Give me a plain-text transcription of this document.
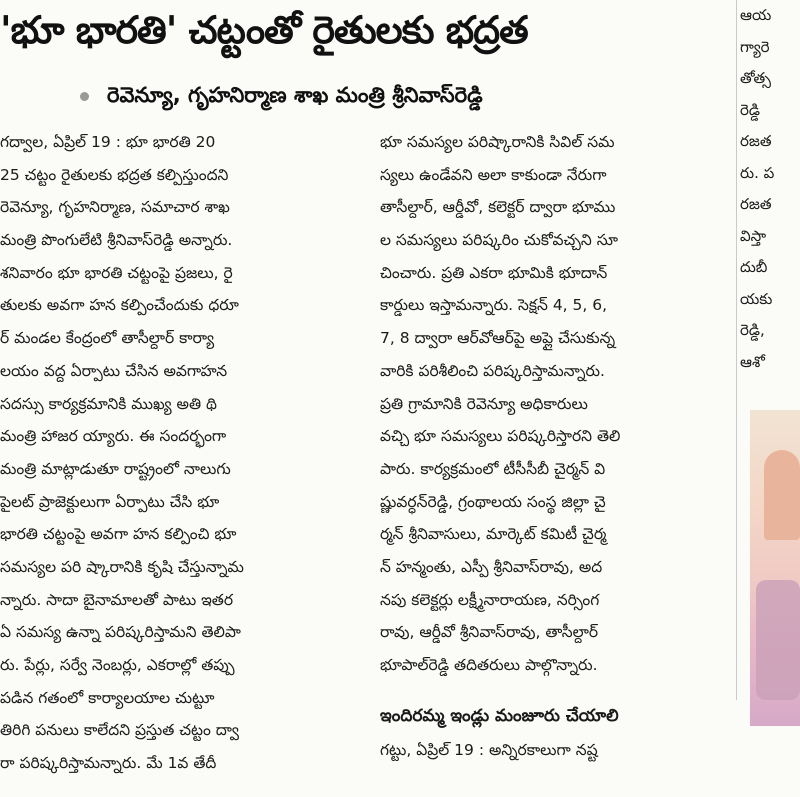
'భూ భారతి' చట్టంతో రైతులకు భద్రత
రెవెన్యూ, గృహనిర్మాణ శాఖ మంత్రి శ్రీనివాస్‌రెడ్డి
గద్వాల, ఏప్రిల్ 19 : భూ భారతి 20
25 చట్టం రైతులకు భద్రత కల్పిస్తుందని
రెవెన్యూ, గృహనిర్మాణ, సమాచార శాఖ
మంత్రి పొంగులేటి శ్రీనివాస్‌రెడ్డి అన్నారు.
శనివారం భూ భారతి చట్టంపై ప్రజలు, రై
తులకు అవగా హన కల్పించేందుకు ధరూ
ర్ మండల కేంద్రంలో తాసీల్దార్ కార్యా
లయం వద్ద ఏర్పాటు చేసిన అవగాహన
సదస్సు కార్యక్రమానికి ముఖ్య అతి థి
మంత్రి హాజర య్యారు. ఈ సందర్భంగా
మంత్రి మాట్లాడుతూ రాష్ట్రంలో నాలుగు
పైలట్ ప్రాజెక్టులుగా ఏర్పాటు చేసి భూ
భారతి చట్టంపై అవగా హన కల్పించి భూ
సమస్యల పరి ష్కారానికి కృషి చేస్తున్నామ
న్నారు. సాదా బైనామాలతో పాటు ఇతర
ఏ సమస్య ఉన్నా పరిష్కరిస్తామని తెలిపా
రు. పేర్లు, సర్వే నెంబర్లు, ఎకరాల్లో తప్పు
పడిన గతంలో కార్యాలయాల చుట్టూ
తిరిగి పనులు కాలేదని ప్రస్తుత చట్టం ద్వా
రా పరిష్కరిస్తామన్నారు. మే 1వ తేదీ
భూ సమస్యల పరిష్కారానికి సివిల్ సమ
స్యలు ఉండేవని అలా కాకుండా నేరుగా
తాసీల్దార్, ఆర్డీవో, కలెక్టర్ ద్వారా భూము
ల సమస్యలు పరిష్కరిం చుకోవచ్చని సూ
చించారు. ప్రతి ఎకరా భూమికి భూదాన్
కార్డులు ఇస్తామన్నారు. సెక్షన్ 4, 5, 6,
7, 8 ద్వారా ఆర్‌వోఆర్‌పై అప్లై చేసుకున్న
వారికి పరిశీలించి పరిష్కరిస్తామన్నారు.
ప్రతి గ్రామానికి రెవెన్యూ అధికారులు
వచ్చి భూ సమస్యలు పరిష్కరిస్తారని తెలి
పారు. కార్యక్రమంలో టీసీసీబీ చైర్మన్ వి
ష్ణువర్ధన్‌రెడ్డి, గ్రంథాలయ సంస్థ జిల్లా చై
ర్మన్ శ్రీనివాసులు, మార్కెట్ కమిటీ చైర్మ
న్ హన్మంతు, ఎస్పీ శ్రీనివాస్‌రావు, అద
నపు కలెక్టర్లు లక్ష్మీనారాయణ, నర్సింగ
రావు, ఆర్డీవో శ్రీనివాస్‌రావు, తాసీల్దార్
భూపాల్‌రెడ్డి తదితరులు పాల్గొన్నారు.
ఇందిరమ్మ ఇండ్లు మంజూరు చేయాలి
గట్టు, ఏప్రిల్ 19 : అన్నిరకాలుగా నష్ట
ఆయ
గ్యారె
తోత్స
రెడ్డి
రజత
రు. ప
రజత
విస్తా
దుబీ
యకు
రెడ్డి,
ఆశో
